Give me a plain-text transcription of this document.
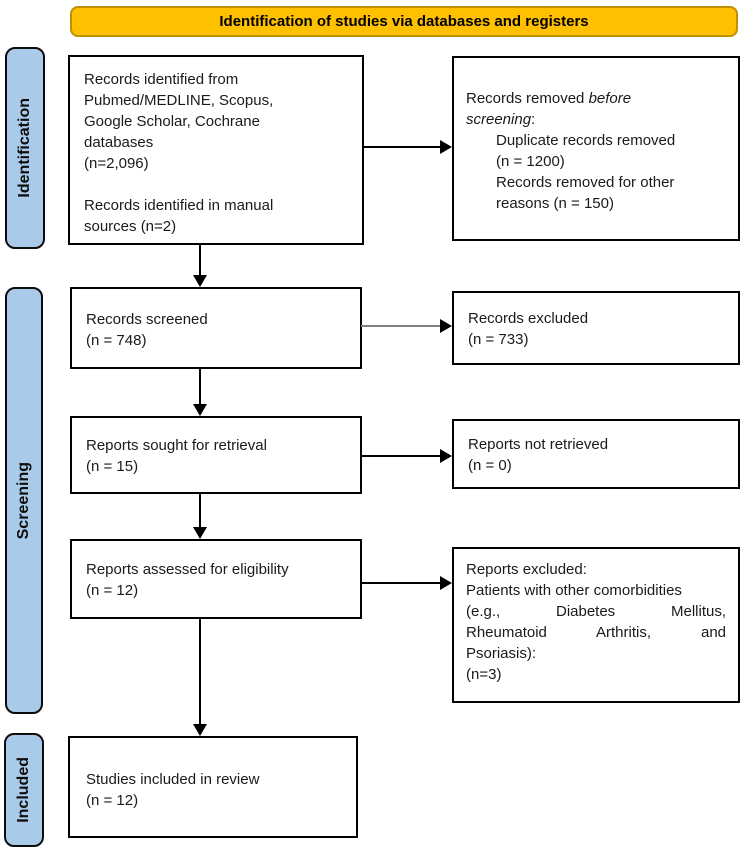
Identification of studies via databases and registers
Identification
Screening
Included
Records identified from
Pubmed/MEDLINE, Scopus,
Google Scholar, Cochrane
databases
(n=2,096)
Records identified in manual
sources (n=2)
Records removed before
screening:
Duplicate records removed
(n = 1200)
Records removed for other
reasons (n = 150)
Records screened
(n = 748)
Records excluded
(n = 733)
Reports sought for retrieval
(n = 15)
Reports not retrieved
(n = 0)
Reports assessed for eligibility
(n = 12)
Reports excluded:
Patients with other comorbidities
(e.g., Diabetes Mellitus,
Rheumatoid Arthritis, and
Psoriasis):
(n=3)
Studies included in review
(n = 12)
